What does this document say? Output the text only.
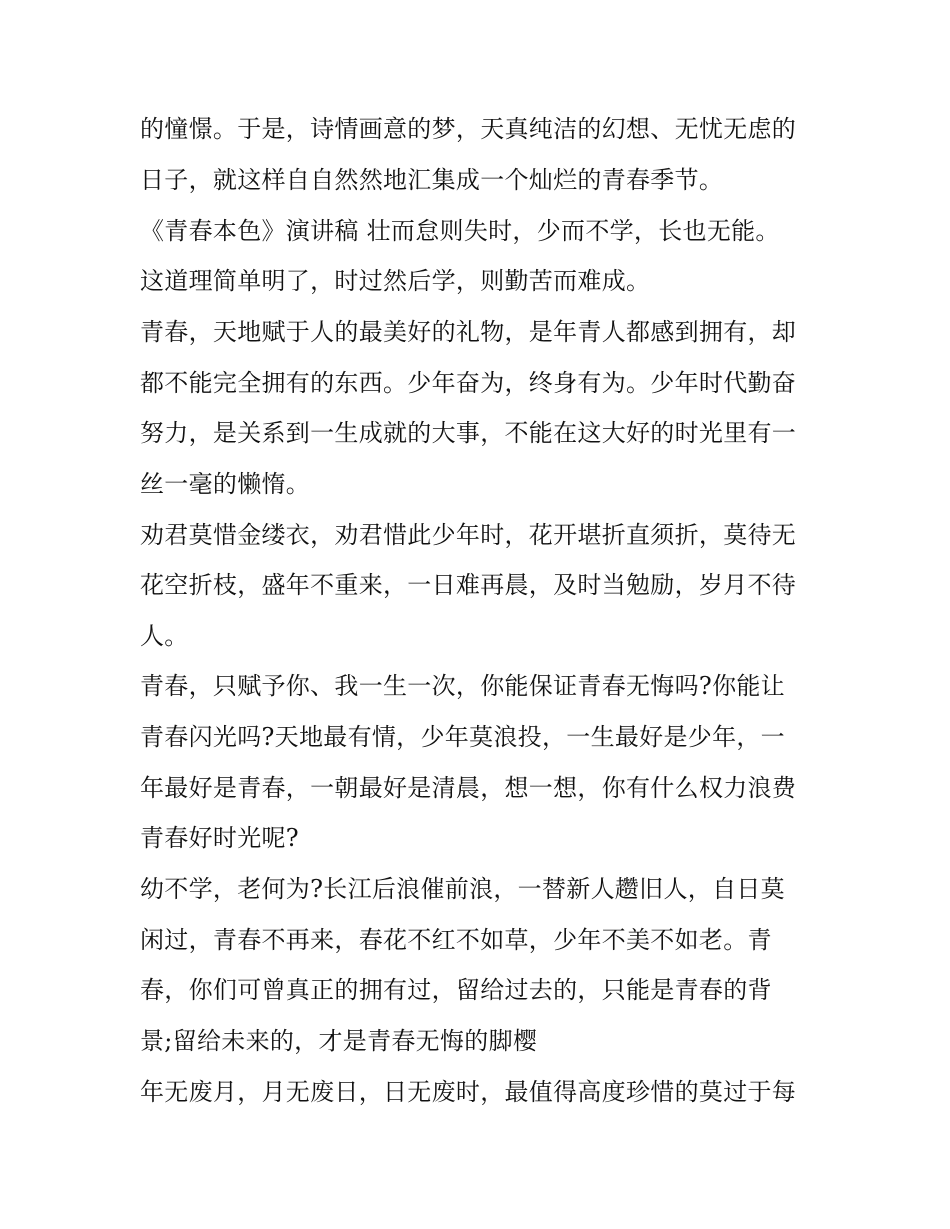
的憧憬。于是，诗情画意的梦，天真纯洁的幻想、无忧无虑的
日子，就这样自自然然地汇集成一个灿烂的青春季节。
《青春本色》演讲稿 壮而怠则失时，少而不学，长也无能。
这道理简单明了，时过然后学，则勤苦而难成。
青春，天地赋于人的最美好的礼物，是年青人都感到拥有，却
都不能完全拥有的东西。少年奋为，终身有为。少年时代勤奋
努力，是关系到一生成就的大事，不能在这大好的时光里有一
丝一毫的懒惰。
劝君莫惜金缕衣，劝君惜此少年时，花开堪折直须折，莫待无
花空折枝，盛年不重来，一日难再晨，及时当勉励，岁月不待
人。
青春，只赋予你、我一生一次，你能保证青春无悔吗?你能让
青春闪光吗?天地最有情，少年莫浪投，一生最好是少年，一
年最好是青春，一朝最好是清晨，想一想，你有什么权力浪费
青春好时光呢?
幼不学，老何为?长江后浪催前浪，一替新人趱旧人，自日莫
闲过，青春不再来，春花不红不如草，少年不美不如老。青
春，你们可曾真正的拥有过，留给过去的，只能是青春的背
景;留给未来的，才是青春无悔的脚樱
年无废月，月无废日，日无废时，最值得高度珍惜的莫过于每
